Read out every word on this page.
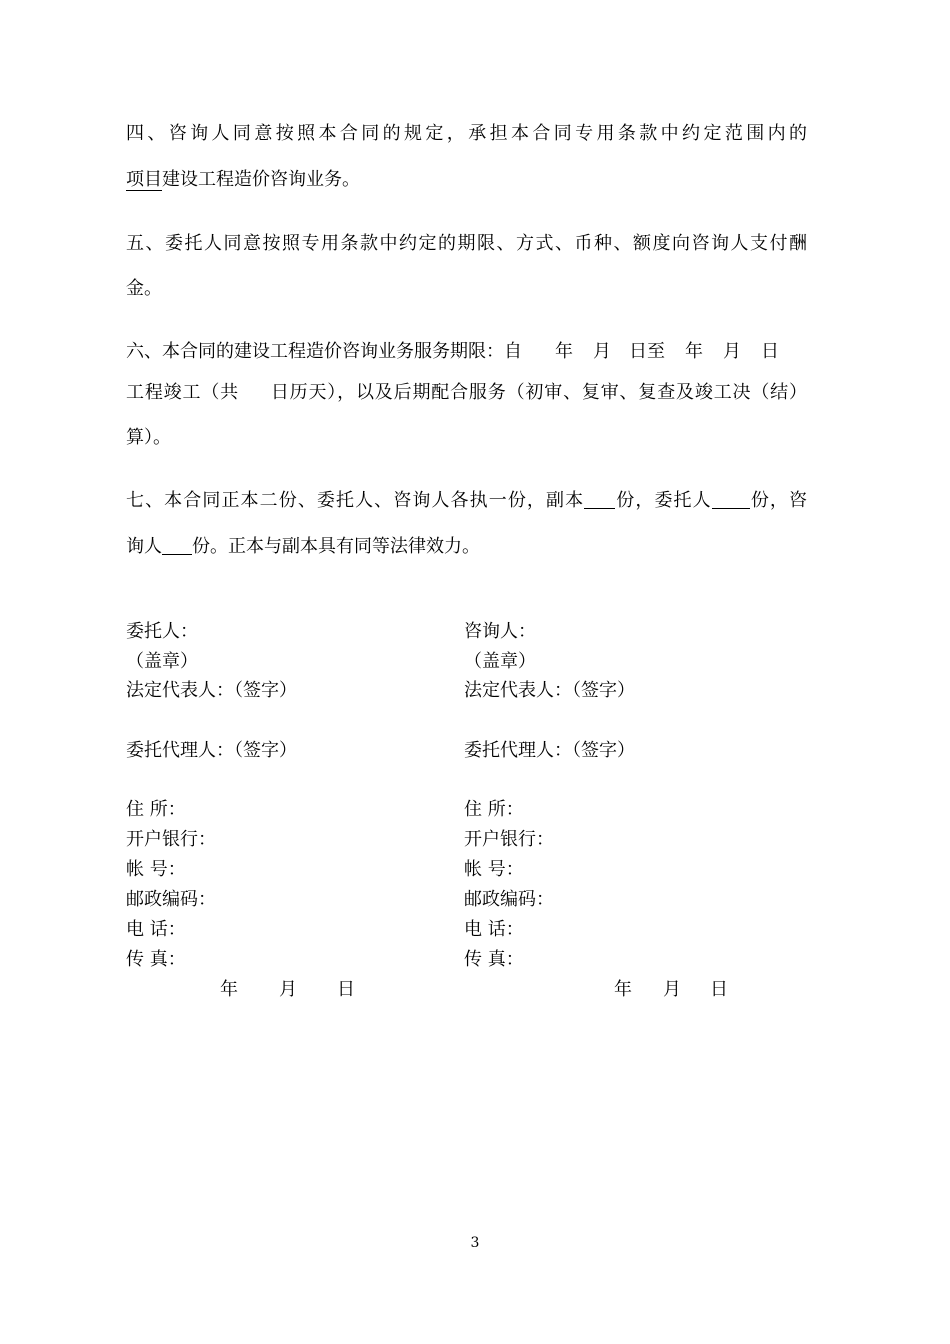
四、咨询人同意按照本合同的规定，承担本合同专用条款中约定范围内的
项目建设工程造价咨询业务。
五、委托人同意按照专用条款中约定的期限、方式、币种、额度向咨询人支付酬
金。
六、本合同的建设工程造价咨询业务服务期限：自 年 月 日至 年 月 日
工程竣工（共 日历天），以及后期配合服务（初审、复审、复查及竣工决（结）
算）。
七、本合同正本二份、委托人、咨询人各执一份，副本 份，委托人 份，咨
询人 份。正本与副本具有同等法律效力。
委托人：
（盖章）
法定代表人：（签字）
委托代理人：（签字）
住 所：
开户银行：
帐 号：
邮政编码：
电 话：
传 真：
年 月 日
咨询人：
（盖章）
法定代表人：（签字）
委托代理人：（签字）
住 所：
开户银行：
帐 号：
邮政编码：
电 话：
传 真：
年 月 日
3
